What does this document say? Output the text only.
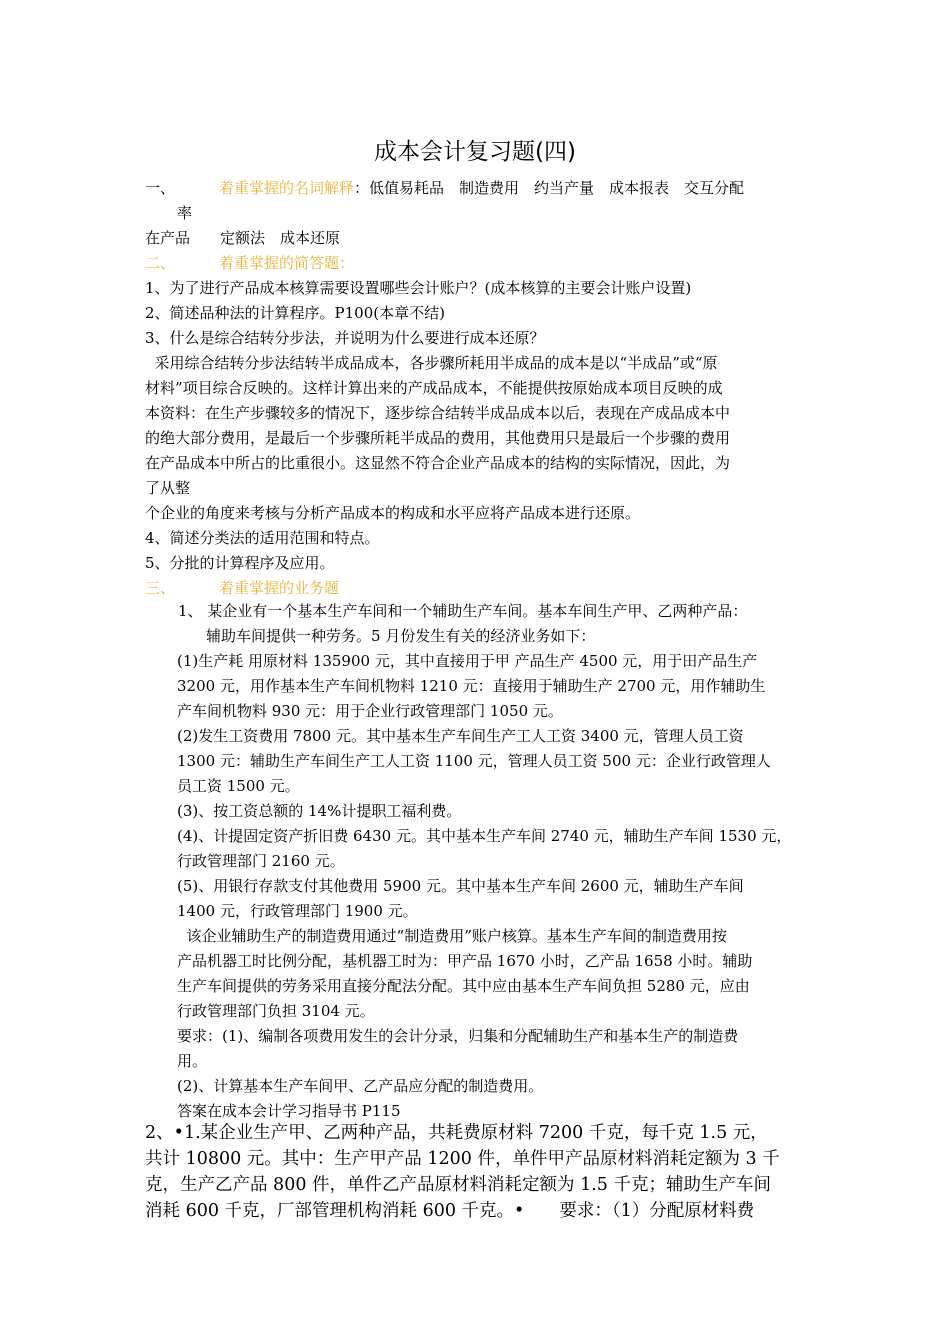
成本会计复习题(四)
一、	着重掌握的名词解释：低值易耗品　制造费用　约当产量　成本报表　交互分配
率
在产品　　定额法　成本还原
二、	着重掌握的简答题：
1、为了进行产品成本核算需要设置哪些会计账户？(成本核算的主要会计账户设置)
2、简述品种法的计算程序。P100(本章不结)
3、什么是综合结转分步法，并说明为什么要进行成本还原？
采用综合结转分步法结转半成品成本，各步骤所耗用半成品的成本是以“半成品”或“原
材料”项目综合反映的。这样计算出来的产成品成本，不能提供按原始成本项目反映的成
本资料：在生产步骤较多的情况下，逐步综合结转半成品成本以后，表现在产成品成本中
的绝大部分费用，是最后一个步骤所耗半成品的费用，其他费用只是最后一个步骤的费用
在产品成本中所占的比重很小。这显然不符合企业产品成本的结构的实际情况，因此，为
了从整
个企业的角度来考核与分析产品成本的构成和水平应将产品成本进行还原。
4、简述分类法的适用范围和特点。
5、分批的计算程序及应用。
三、	着重掌握的业务题
1、 某企业有一个基本生产车间和一个辅助生产车间。基本车间生产甲、乙两种产品：
辅助车间提供一种劳务。5 月份发生有关的经济业务如下：
(1)生产耗 用原材料 135900 元，其中直接用于甲 产品生产 4500 元，用于田产品生产
3200 元，用作基本生产车间机物料 1210 元：直接用于辅助生产 2700 元，用作辅助生
产车间机物料 930 元：用于企业行政管理部门 1050 元。
(2)发生工资费用 7800 元。其中基本生产车间生产工人工资 3400 元，管理人员工资
1300 元：辅助生产车间生产工人工资 1100 元，管理人员工资 500 元：企业行政管理人
员工资 1500 元。
(3)、按工资总额的 14%计提职工福利费。
(4)、计提固定资产折旧费 6430 元。其中基本生产车间 2740 元，辅助生产车间 1530 元，
行政管理部门 2160 元。
(5)、用银行存款支付其他费用 5900 元。其中基本生产车间 2600 元，辅助生产车间
1400 元，行政管理部门 1900 元。
该企业辅助生产的制造费用通过“制造费用”账户核算。基本生产车间的制造费用按
产品机器工时比例分配，基机器工时为：甲产品 1670 小时，乙产品 1658 小时。辅助
生产车间提供的劳务采用直接分配法分配。其中应由基本生产车间负担 5280 元，应由
行政管理部门负担 3104 元。
要求：(1)、编制各项费用发生的会计分录，归集和分配辅助生产和基本生产的制造费
用。
(2)、计算基本生产车间甲、乙产品应分配的制造费用。
答案在成本会计学习指导书 P115
2、•1.某企业生产甲、乙两种产品，共耗费原材料 7200 千克，每千克 1.5 元，
共计 10800 元。其中：生产甲产品 1200 件，单件甲产品原材料消耗定额为 3 千
克，生产乙产品 800 件，单件乙产品原材料消耗定额为 1.5 千克；辅助生产车间
消耗 600 千克，厂部管理机构消耗 600 千克。•　　要求：（1）分配原材料费
